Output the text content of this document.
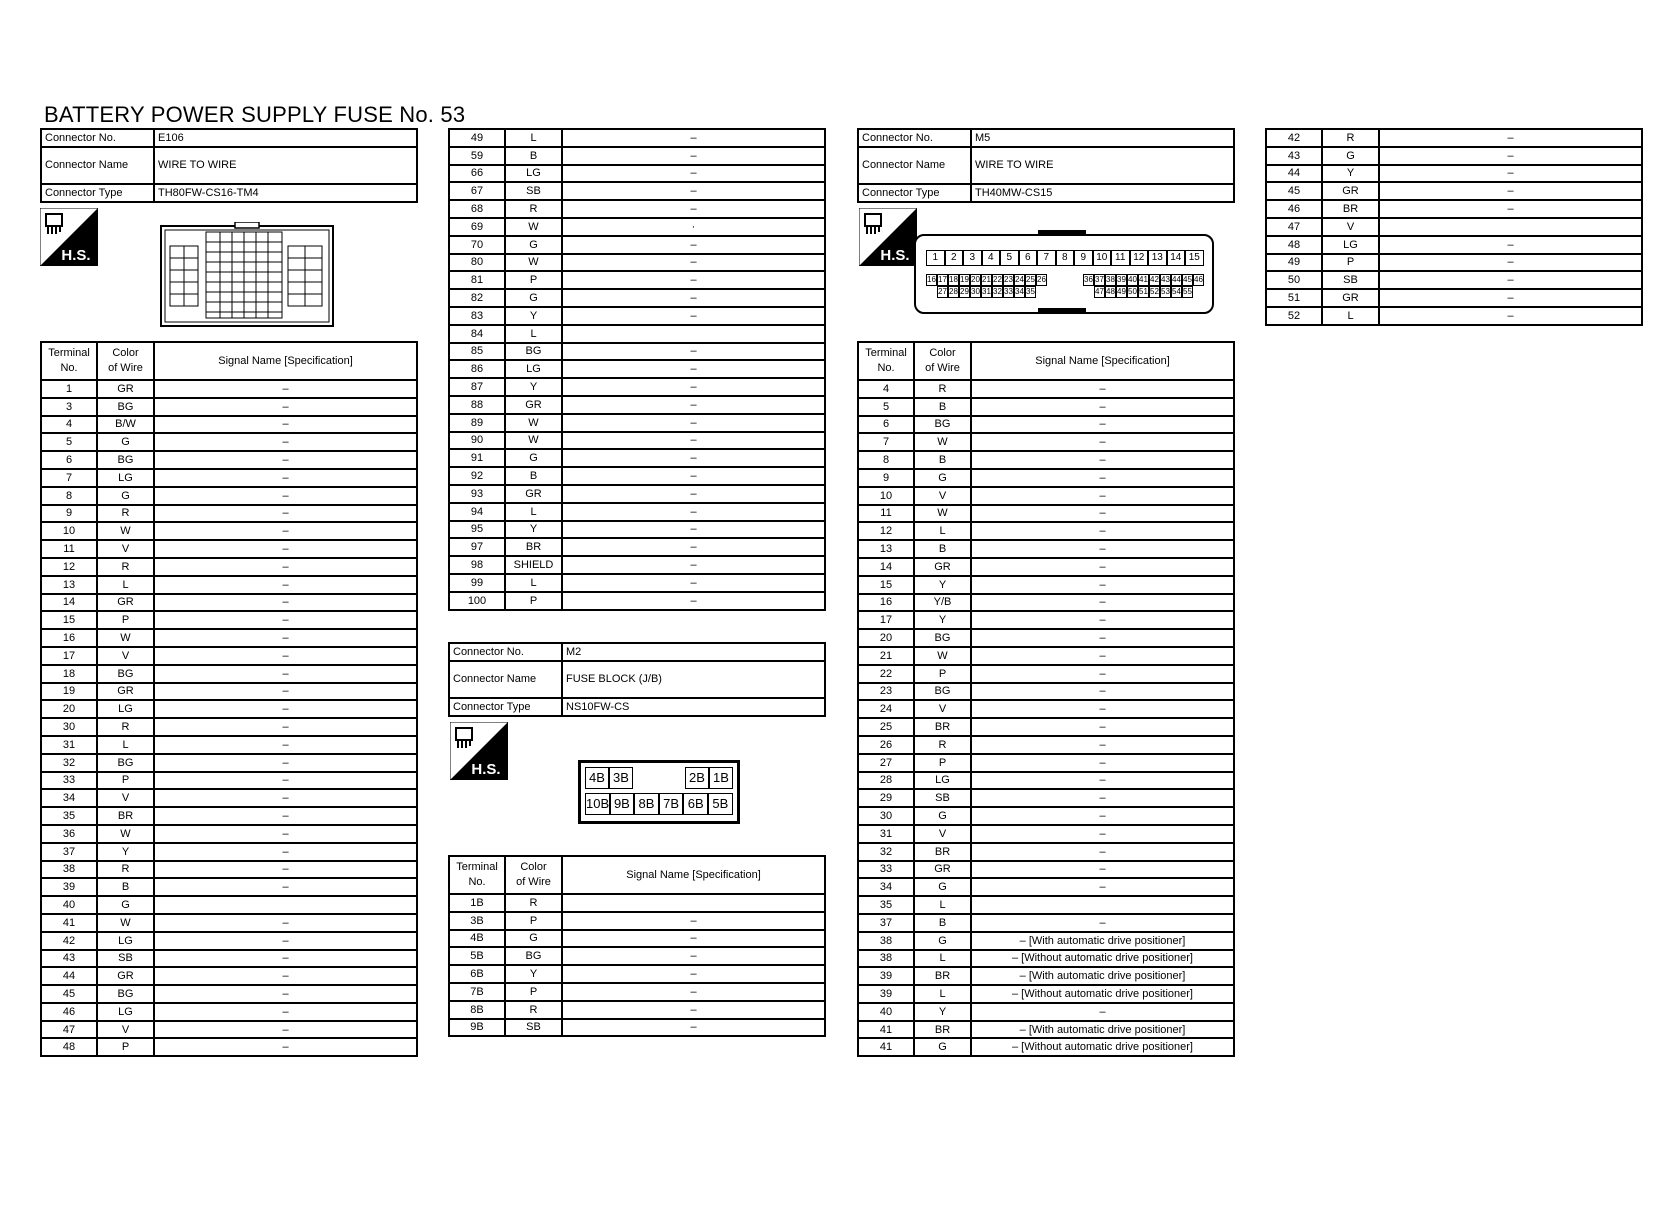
BATTERY POWER SUPPLY FUSE No. 53
Connector No.	E106
Connector Name	WIRE TO WIRE
Connector Type	TH80FW-CS16-TM4
H.S.
Terminal
No.	Color
of Wire	Signal Name [Specification]
1	GR	–
3	BG	–
4	B/W	–
5	G	–
6	BG	–
7	LG	–
8	G	–
9	R	–
10	W	–
11	V	–
12	R	–
13	L	–
14	GR	–
15	P	–
16	W	–
17	V	–
18	BG	–
19	GR	–
20	LG	–
30	R	–
31	L	–
32	BG	–
33	P	–
34	V	–
35	BR	–
36	W	–
37	Y	–
38	R	–
39	B	–
40	G	
41	W	–
42	LG	–
43	SB	–
44	GR	–
45	BG	–
46	LG	–
47	V	–
48	P	–
49	L	–
59	B	–
66	LG	–
67	SB	–
68	R	–
69	W	·
70	G	–
80	W	–
81	P	–
82	G	–
83	Y	–
84	L	
85	BG	–
86	LG	–
87	Y	–
88	GR	–
89	W	–
90	W	–
91	G	–
92	B	–
93	GR	–
94	L	–
95	Y	–
97	BR	–
98	SHIELD	–
99	L	–
100	P	–
Connector No.	M2
Connector Name	FUSE BLOCK (J/B)
Connector Type	NS10FW-CS
H.S.	4B 3B	2B 1B
10B 9B 8B 7B 6B 5B
Terminal
No.	Color
of Wire	Signal Name [Specification]
1B	R	
3B	P	–
4B	G	–
5B	BG	–
6B	Y	–
7B	P	–
8B	R	–
9B	SB	–
Connector No.	M5
Connector Name	WIRE TO WIRE
Connector Type	TH40MW-CS15
H.S.	1	2	3	4	5	6	7	8	9	10 11 12 13 14 15
16 17 18 19 20 21 22 23 24 25 26	36 37 38 39 40 41 42 43 44 45 46
27 28 29 30 31 32 33 34 35	47 48 49 50 51 52 53 54 55
Terminal
No.	Color
of Wire	Signal Name [Specification]
4	R	–
5	B	–
6	BG	–
7	W	–
8	B	–
9	G	–
10	V	–
11	W	–
12	L	–
13	B	–
14	GR	–
15	Y	–
16	Y/B	–
17	Y	–
20	BG	–
21	W	–
22	P	–
23	BG	–
24	V	–
25	BR	–
26	R	–
27	P	–
28	LG	–
29	SB	–
30	G	–
31	V	–
32	BR	–
33	GR	–
34	G	–
35	L	
37	B	–
38	G	– [With automatic drive positioner]
38	L	– [Without automatic drive positioner]
39	BR	– [With automatic drive positioner]
39	L	– [Without automatic drive positioner]
40	Y	–
41	BR	– [With automatic drive positioner]
41	G	– [Without automatic drive positioner]
42	R	–
43	G	–
44	Y	–
45	GR	–
46	BR	–
47	V	
48	LG	–
49	P	–
50	SB	–
51	GR	–
52	L	–
